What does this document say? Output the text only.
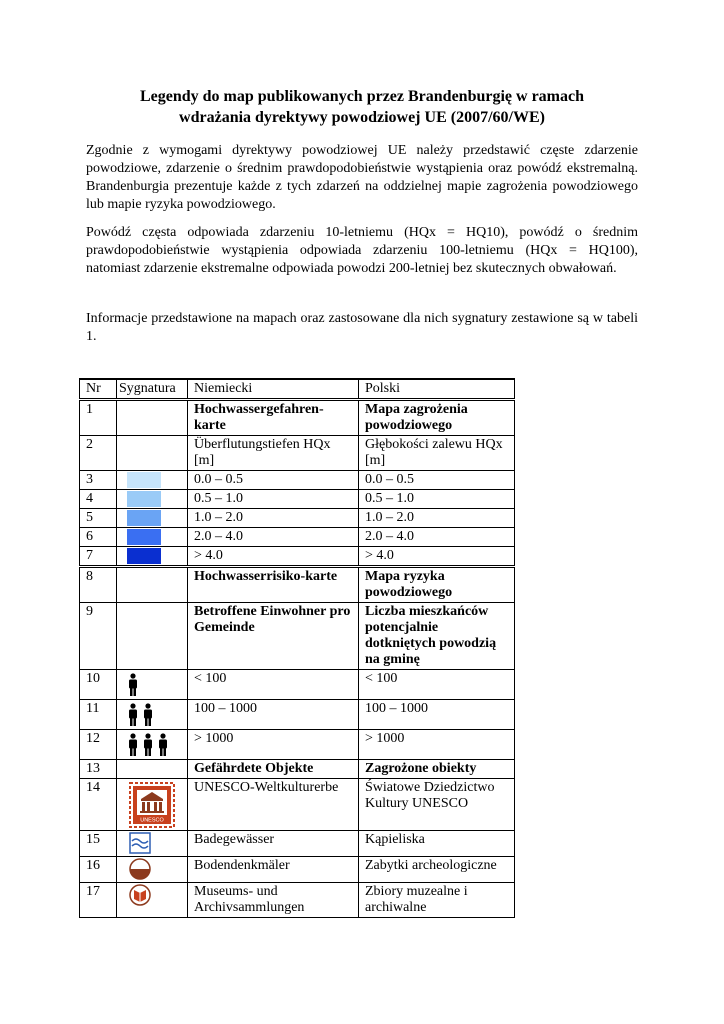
Legendy do map publikowanych przez Brandenburgię w ramach
wdrażania dyrektywy powodziowej UE (2007/60/WE)

Zgodnie z wymogami dyrektywy powodziowej UE należy przedstawić częste zdarzenie powodziowe, zdarzenie o średnim prawdopodobieństwie wystąpienia oraz powódź ekstremalną. Brandenburgia prezentuje każde z tych zdarzeń na oddzielnej mapie zagrożenia powodziowego lub mapie ryzyka powodziowego.

Powódź częsta odpowiada zdarzeniu 10-letniemu (HQx = HQ10), powódź o średnim prawdopodobieństwie wystąpienia odpowiada zdarzeniu 100-letniemu (HQx = HQ100), natomiast zdarzenie ekstremalne odpowiada powodzi 200-letniej bez skutecznych obwałowań.

Informacje przedstawione na mapach oraz zastosowane dla nich sygnatury zestawione są w tabeli 1.

Nr	Sygnatura	Niemiecki	Polski
1		Hochwassergefahren-karte	Mapa zagrożenia powodziowego
2		Überflutungstiefen HQx [m]	Głębokości zalewu HQx [m]
3		0.0 – 0.5	0.0 – 0.5
4		0.5 – 1.0	0.5 – 1.0
5		1.0 – 2.0	1.0 – 2.0
6		2.0 – 4.0	2.0 – 4.0
7		> 4.0	> 4.0
8		Hochwasserrisiko-karte	Mapa ryzyka powodziowego
9		Betroffene Einwohner pro Gemeinde	Liczba mieszkańców potencjalnie dotkniętych powodzią na gminę
10		< 100	< 100
11		100 – 1000	100 – 1000
12		> 1000	> 1000
13		Gefährdete Objekte	Zagrożone obiekty
14	UNESCO	UNESCO-Weltkulturerbe	Światowe Dziedzictwo Kultury UNESCO
15		Badegewässer	Kąpieliska
16		Bodendenkmäler	Zabytki archeologiczne
17		Museums- und Archivsammlungen	Zbiory muzealne i archiwalne
